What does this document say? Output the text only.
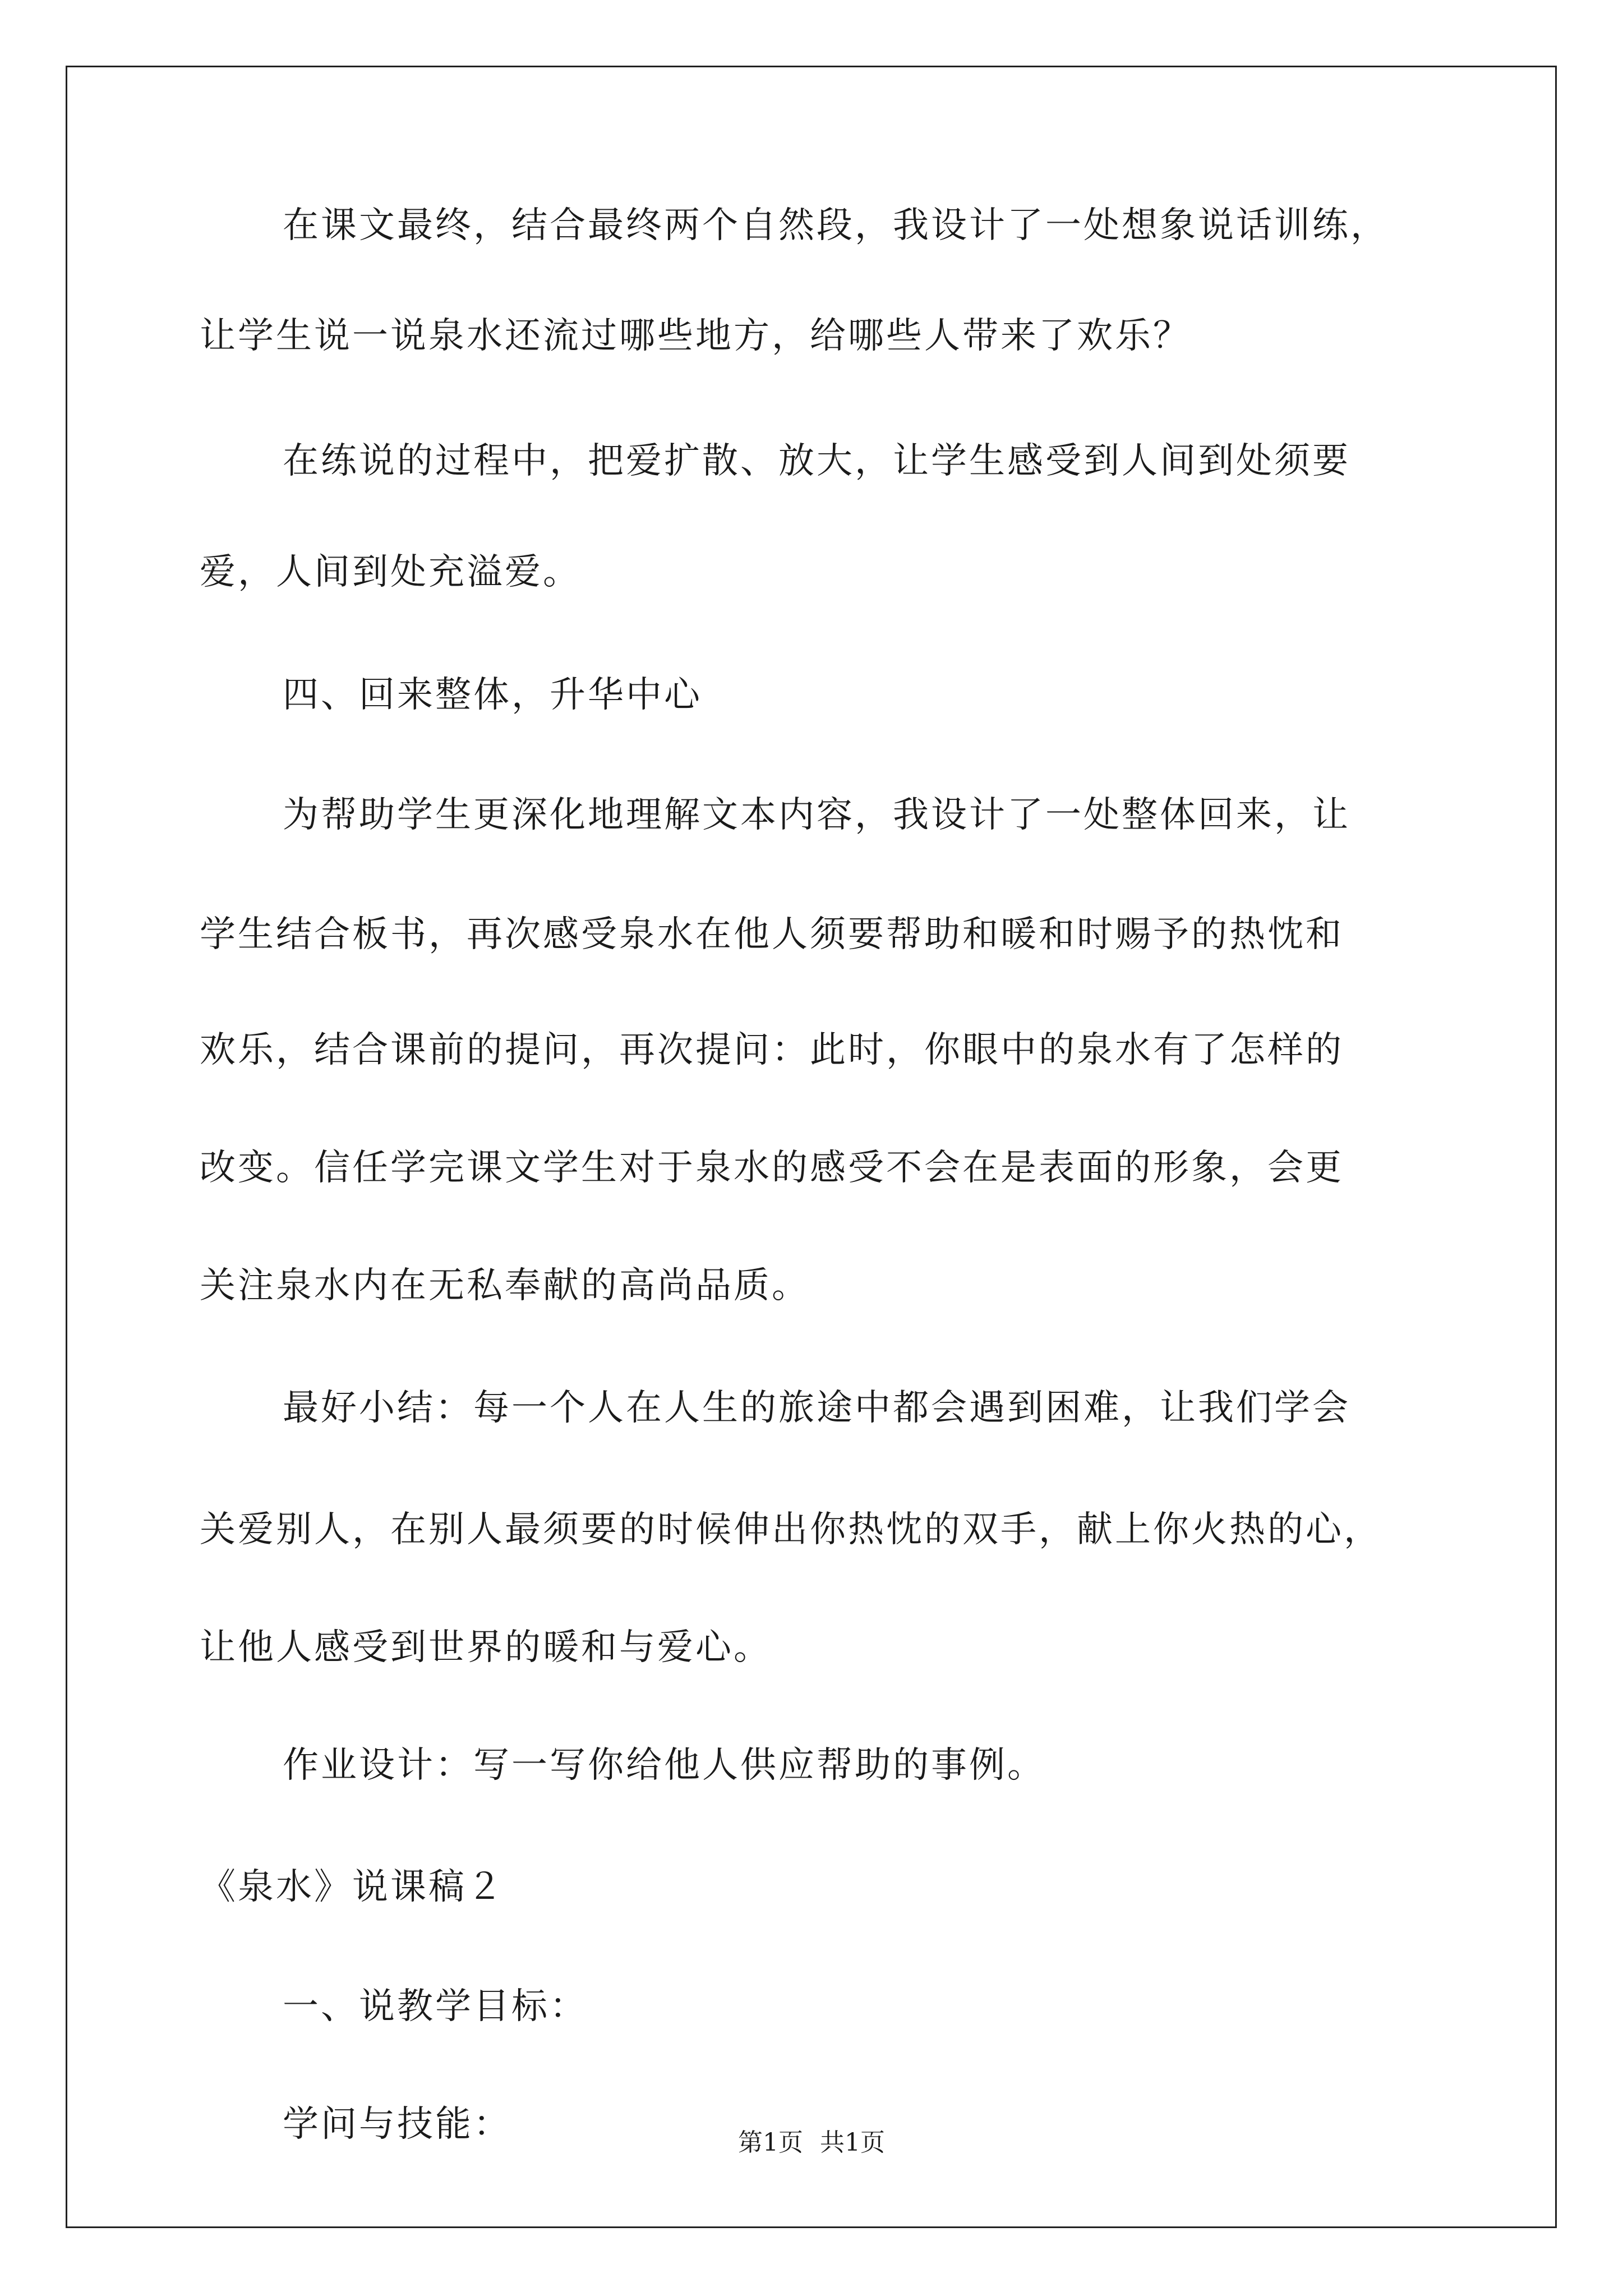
在课文最终，结合最终两个自然段，我设计了一处想象说话训练，
让学生说一说泉水还流过哪些地方，给哪些人带来了欢乐？
在练说的过程中，把爱扩散、放大，让学生感受到人间到处须要
爱，人间到处充溢爱。
四、回来整体，升华中心
为帮助学生更深化地理解文本内容，我设计了一处整体回来，让
学生结合板书，再次感受泉水在他人须要帮助和暖和时赐予的热忱和
欢乐，结合课前的提问，再次提问：此时，你眼中的泉水有了怎样的
改变。信任学完课文学生对于泉水的感受不会在是表面的形象，会更
关注泉水内在无私奉献的高尚品质。
最好小结：每一个人在人生的旅途中都会遇到困难，让我们学会
关爱别人，在别人最须要的时候伸出你热忱的双手，献上你火热的心，
让他人感受到世界的暖和与爱心。
作业设计：写一写你给他人供应帮助的事例。
《泉水》说课稿２
一、说教学目标：
学问与技能：	第1页 共1页
